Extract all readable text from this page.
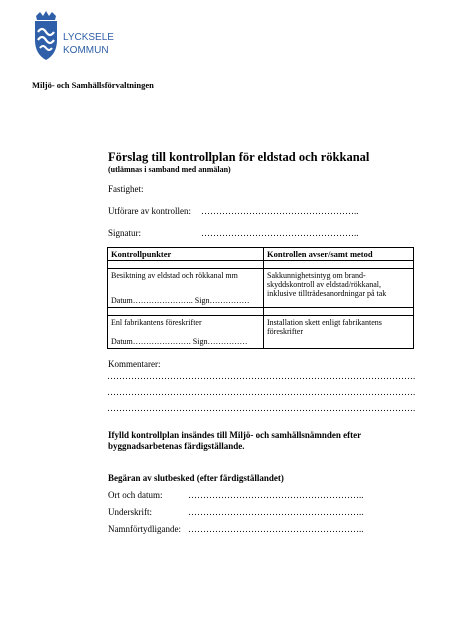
LYCKSELE
KOMMUN
Miljö- och Samhällsförvaltningen
Förslag till kontrollplan för eldstad och rökkanal
(utlämnas i samband med anmälan)
Fastighet:
Utförare av kontrollen: ……………………………………………..
Signatur:	……………………………………………..
Kontrollpunkter	Kontrollen avser/samt metod

Besiktning av eldstad och rökkanal mm
Datum………………….. Sign……………	Sakkunnighetsintyg om brand-skyddskontroll av eldstad/rökkanal, inklusive tillträdesanordningar på tak

Enl fabrikantens föreskrifter
Datum…………………. Sign……………	Installation skett enligt fabrikantens föreskrifter
Kommentarer:
………………………………………………………………………………………….
………………………………………………………………………………………….
………………………………………………………………………………………….
Ifylld kontrollplan insändes till Miljö- och samhällsnämnden efter byggnadsarbetenas färdigställande.
Begäran av slutbesked (efter färdigställandet)
Ort och datum:	…………………………………………………..
Underskrift:	…………………………………………………..
Namnförtydligande: …………………………………………………..
